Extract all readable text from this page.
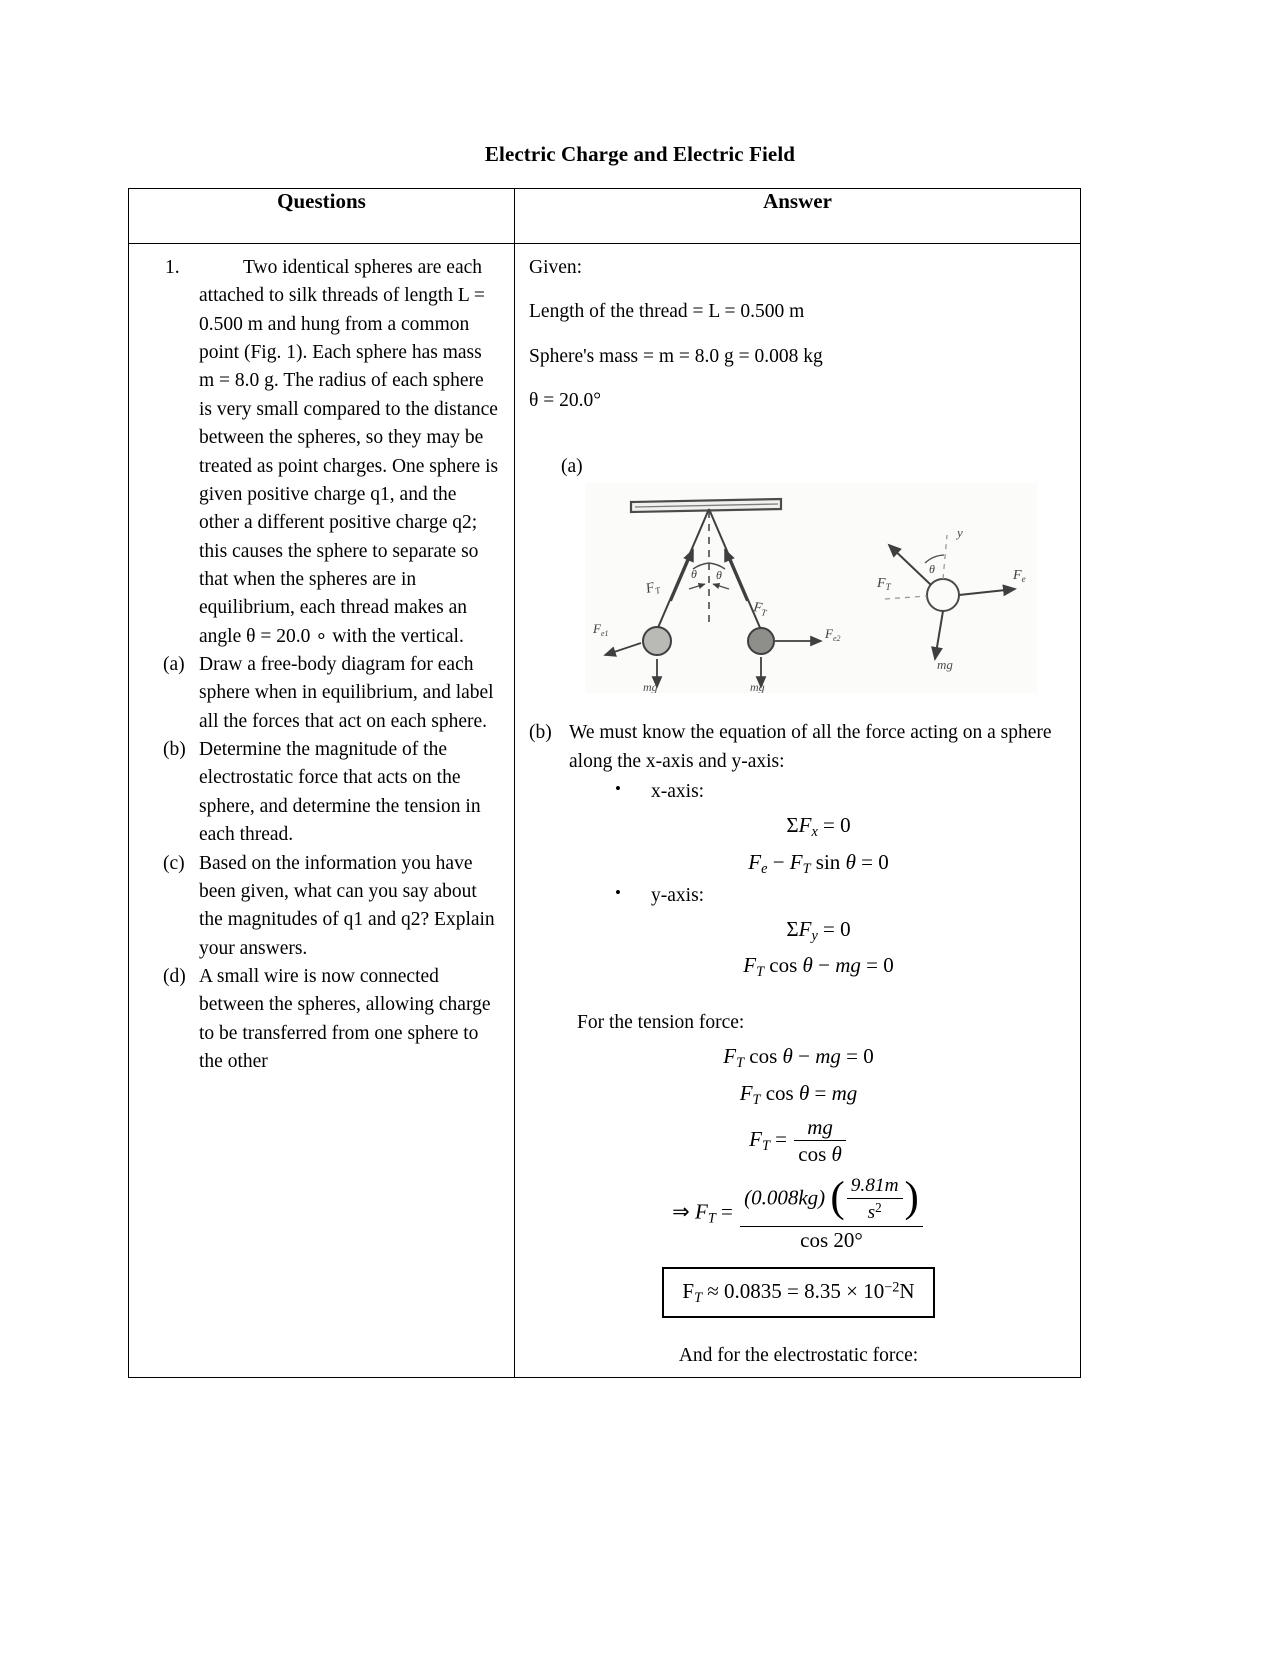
Electric Charge and Electric Field
Questions	Answer

1.	Two identical spheres are each attached to silk threads of length L = 0.500 m and hung from a common point (Fig. 1). Each sphere has mass m = 8.0 g. The radius of each sphere is very small compared to the distance between the spheres, so they may be treated as point charges. One sphere is given positive charge q1, and the other a different positive charge q2; this causes the sphere to separate so that when the spheres are in equilibrium, each thread makes an angle θ = 20.0 ∘ with the vertical.
(a) Draw a free-body diagram for each sphere when in equilibrium, and label all the forces that act on each sphere.
(b) Determine the magnitude of the electrostatic force that acts on the sphere, and determine the tension in each thread.
(c) Based on the information you have been given, what can you say about the magnitudes of q1 and q2? Explain your answers.
(d) A small wire is now connected between the spheres, allowing charge to be transferred from one sphere to the other

Given:
Length of the thread = L = 0.500 m
Sphere's mass = m = 8.0 g = 0.008 kg
θ = 20.0°
(a)
θ θ
$F_T$
$F_T$
$F_{e1}$	$F_{e2}$
mg	mg
y
$F_T$
θ	$F_e$
mg
(b) We must know the equation of all the force acting on a sphere along the x-axis and y-axis:
• x-axis:
$\Sigma F_x = 0$
$F_e - F_T$ sin θ = 0
• y-axis:
$\Sigma F_y = 0$
$F_T$ cos θ − mg = 0
For the tension force:
$F_T$ cos θ − mg = 0
$F_T$ cos θ = mg
$F_T = \frac{mg}{\text{cos θ}}$
⇒ $F_T = \frac{(0.008kg) ( \frac{9.81m}{s^2} )}{\cos 20^\circ}$
$F_T \approx 0.0835 = 8.35 \times 10^{-2}N$
And for the electrostatic force:
